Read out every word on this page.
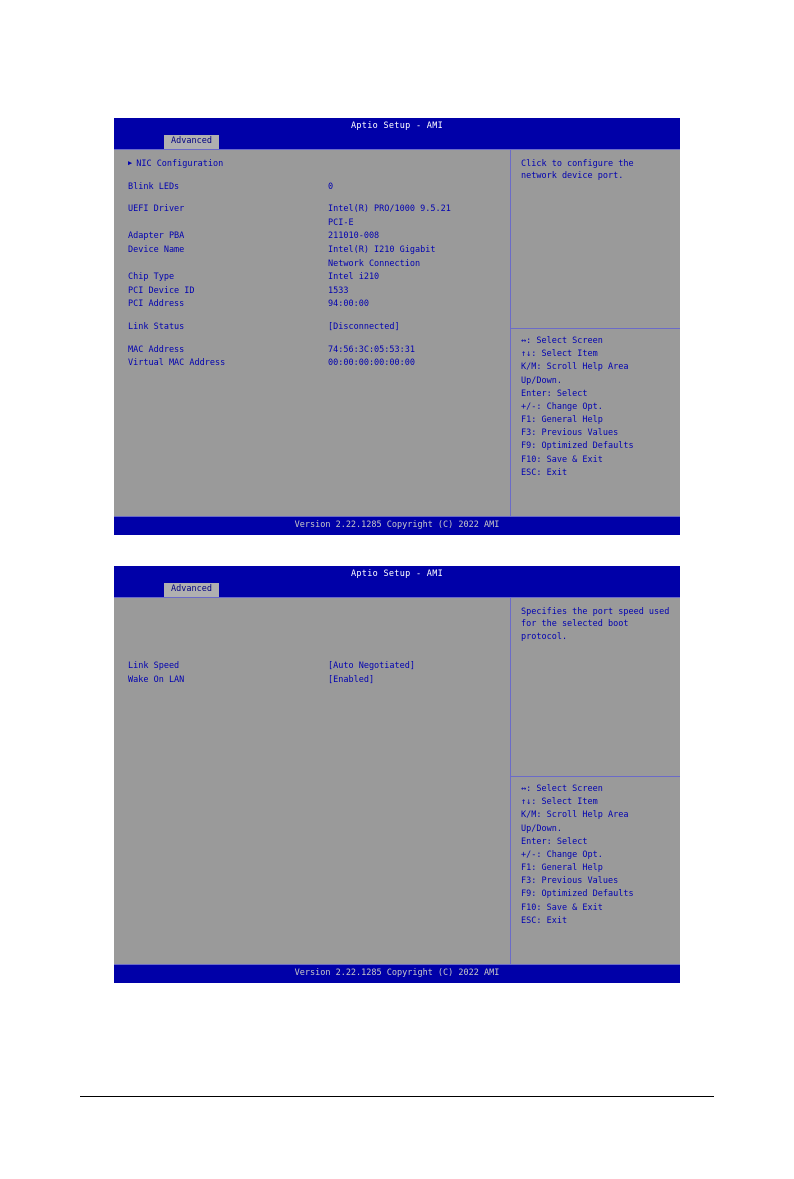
Aptio Setup - AMI
Advanced
▶ NIC Configuration
Blink LEDs	0
UEFI Driver	Intel(R) PRO/1000 9.5.21
PCI-E
Adapter PBA	211010-008
Device Name	Intel(R) I210 Gigabit
Network Connection
Chip Type	Intel i210
PCI Device ID	1533
PCI Address	94:00:00
Link Status	[Disconnected]
MAC Address	74:56:3C:05:53:31
Virtual MAC Address	00:00:00:00:00:00
Click to configure the network device port.
↔: Select Screen
↑↓: Select Item
K/M: Scroll Help Area
Up/Down.
Enter: Select
+/-: Change Opt.
F1: General Help
F3: Previous Values
F9: Optimized Defaults
F10: Save & Exit
ESC: Exit
Version 2.22.1285 Copyright (C) 2022 AMI
Aptio Setup - AMI
Advanced
Link Speed	[Auto Negotiated]
Wake On LAN	[Enabled]
Specifies the port speed used for the selected boot protocol.
↔: Select Screen
↑↓: Select Item
K/M: Scroll Help Area
Up/Down.
Enter: Select
+/-: Change Opt.
F1: General Help
F3: Previous Values
F9: Optimized Defaults
F10: Save & Exit
ESC: Exit
Version 2.22.1285 Copyright (C) 2022 AMI
